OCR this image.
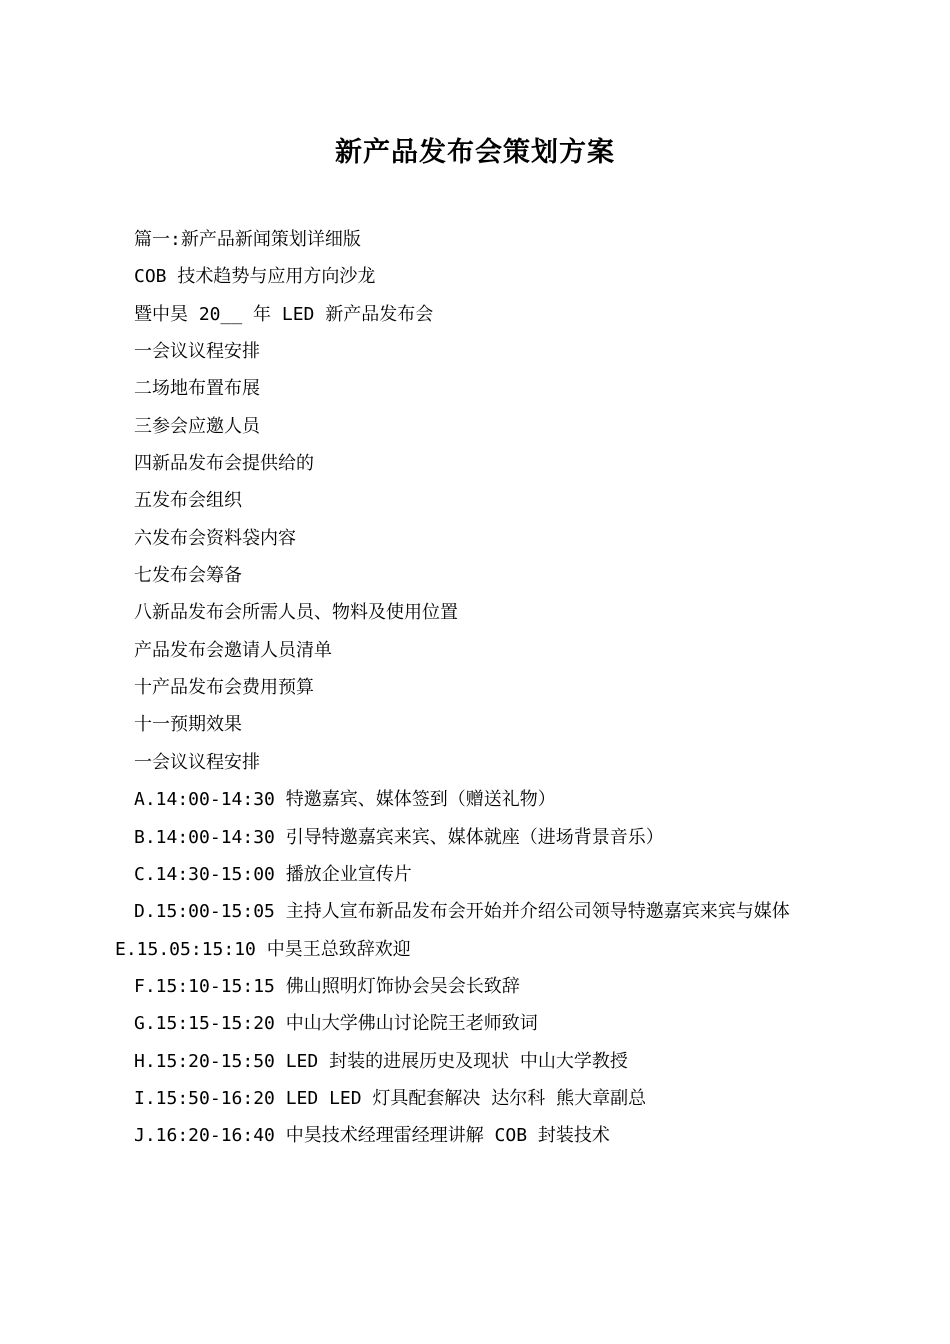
新产品发布会策划方案
篇一:新产品新闻策划详细版
COB 技术趋势与应用方向沙龙
暨中昊 20__ 年 LED 新产品发布会
一会议议程安排
二场地布置布展
三参会应邀人员
四新品发布会提供给的
五发布会组织
六发布会资料袋内容
七发布会筹备
八新品发布会所需人员、物料及使用位置
产品发布会邀请人员清单
十产品发布会费用预算
十一预期效果
一会议议程安排
A.14:00-14:30 特邀嘉宾、媒体签到（赠送礼物）
B.14:00-14:30 引导特邀嘉宾来宾、媒体就座（进场背景音乐）
C.14:30-15:00 播放企业宣传片
D.15:00-15:05 主持人宣布新品发布会开始并介绍公司领导特邀嘉宾来宾与媒体
E.15.05:15:10 中昊王总致辞欢迎
F.15:10-15:15 佛山照明灯饰协会吴会长致辞
G.15:15-15:20 中山大学佛山讨论院王老师致词
H.15:20-15:50 LED 封装的进展历史及现状 中山大学教授
I.15:50-16:20 LED LED 灯具配套解决 达尔科 熊大章副总
J.16:20-16:40 中昊技术经理雷经理讲解 COB 封装技术
